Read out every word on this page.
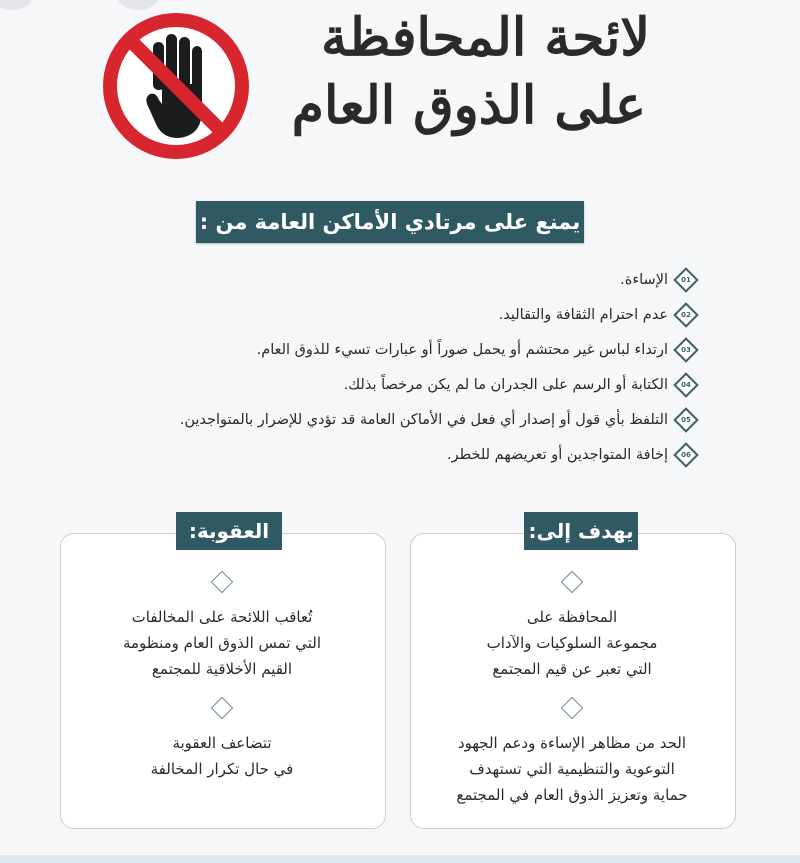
لائحة المحافظة
على الذوق العام
يمنع على مرتادي الأماكن العامة من :
01
الإساءة.
02
عدم احترام الثقافة والتقاليد.
03
ارتداء لباس غير محتشم أو يحمل صوراً أو عبارات تسيء للذوق العام.
04
الكتابة أو الرسم على الجدران ما لم يكن مرخصاً بذلك.
05
التلفظ بأي قول أو إصدار أي فعل في الأماكن العامة قد تؤدي للإضرار بالمتواجدين.
06
إخافة المتواجدين أو تعريضهم للخطر.
العقوبة:	يهدف إلى:
تُعاقب اللائحة على المخالفات
التي تمس الذوق العام ومنظومة
القيم الأخلاقية للمجتمع
تتضاعف العقوبة
في حال تكرار المخالفة
المحافظة على
مجموعة السلوكيات والآداب
التي تعبر عن قيم المجتمع
الحد من مظاهر الإساءة ودعم الجهود
التوعوية والتنظيمية التي تستهدف
حماية وتعزيز الذوق العام في المجتمع
